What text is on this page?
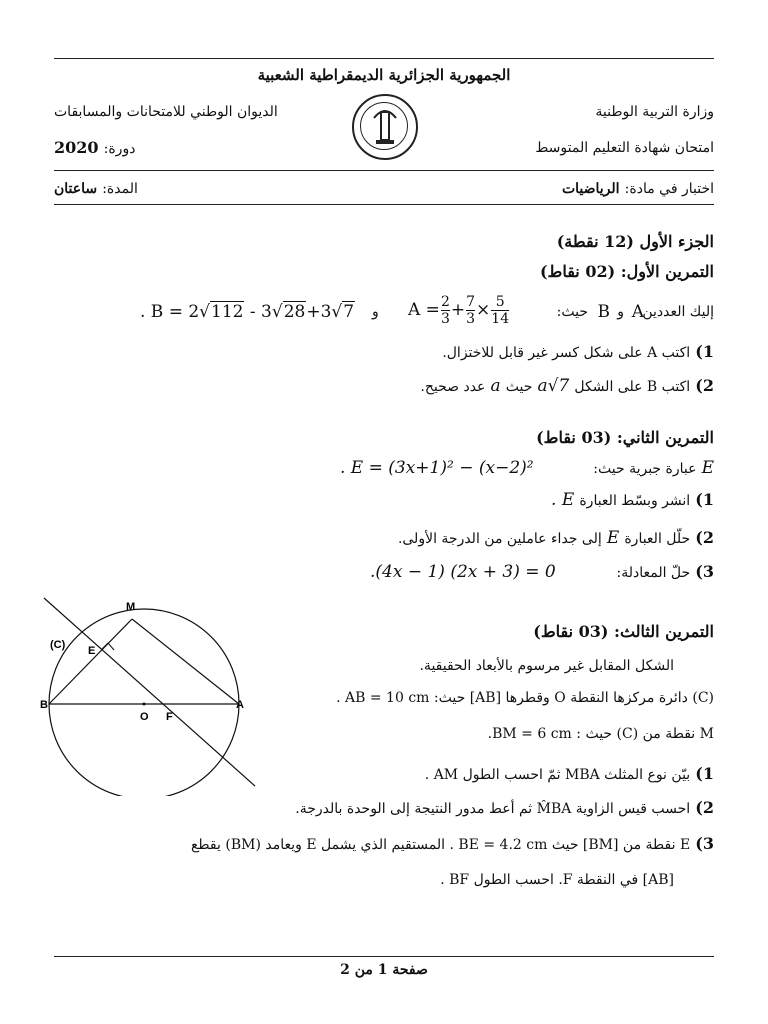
الجمهورية الجزائرية الديمقراطية الشعبية
وزارة التربية الوطنية
الديوان الوطني للامتحانات والمسابقات
امتحان شهادة التعليم المتوسط
دورة: 2020
اختبار في مادة: الرياضيات
المدة: ساعتان
الجزء الأول (12 نقطة)
التمرين الأول: (02 نقاط)
إليك العددين
A
و
B
حيث:
$A = \frac{2}{3} + \frac{7}{3} \times \frac{5}{14}$
و
. B = 2√112 - 3√28+3√7
1) اكتب A على شكل كسر غير قابل للاختزال.
2) اكتب B على الشكل a√7 حيث a عدد صحيح.
التمرين الثاني: (03 نقاط)
E عبارة جبرية حيث:
. E = (3x+1)² − (x−2)²
1) انشر وبسّط العبارة E .
2) حلّل العبارة E إلى جداء عاملين من الدرجة الأولى.
3) حلّ المعادلة:
.(4x − 1) (2x + 3) = 0
M
(C) E
B
O F
A
التمرين الثالث: (03 نقاط)
الشكل المقابل غير مرسوم بالأبعاد الحقيقية.
(C) دائرة مركزها النقطة O وقطرها [AB] حيث: AB = 10 cm .
M نقطة من (C) حيث : BM = 6 cm.
1) بيّن نوع المثلث MBA ثمّ احسب الطول AM .
2) احسب قيس الزاوية M̂BA ثم أعط مدور النتيجة إلى الوحدة بالدرجة.
3) E نقطة من [BM] حيث BE = 4.2 cm . المستقيم الذي يشمل E ويعامد (BM) يقطع
[AB] في النقطة F. احسب الطول BF .
صفحة 1 من 2
